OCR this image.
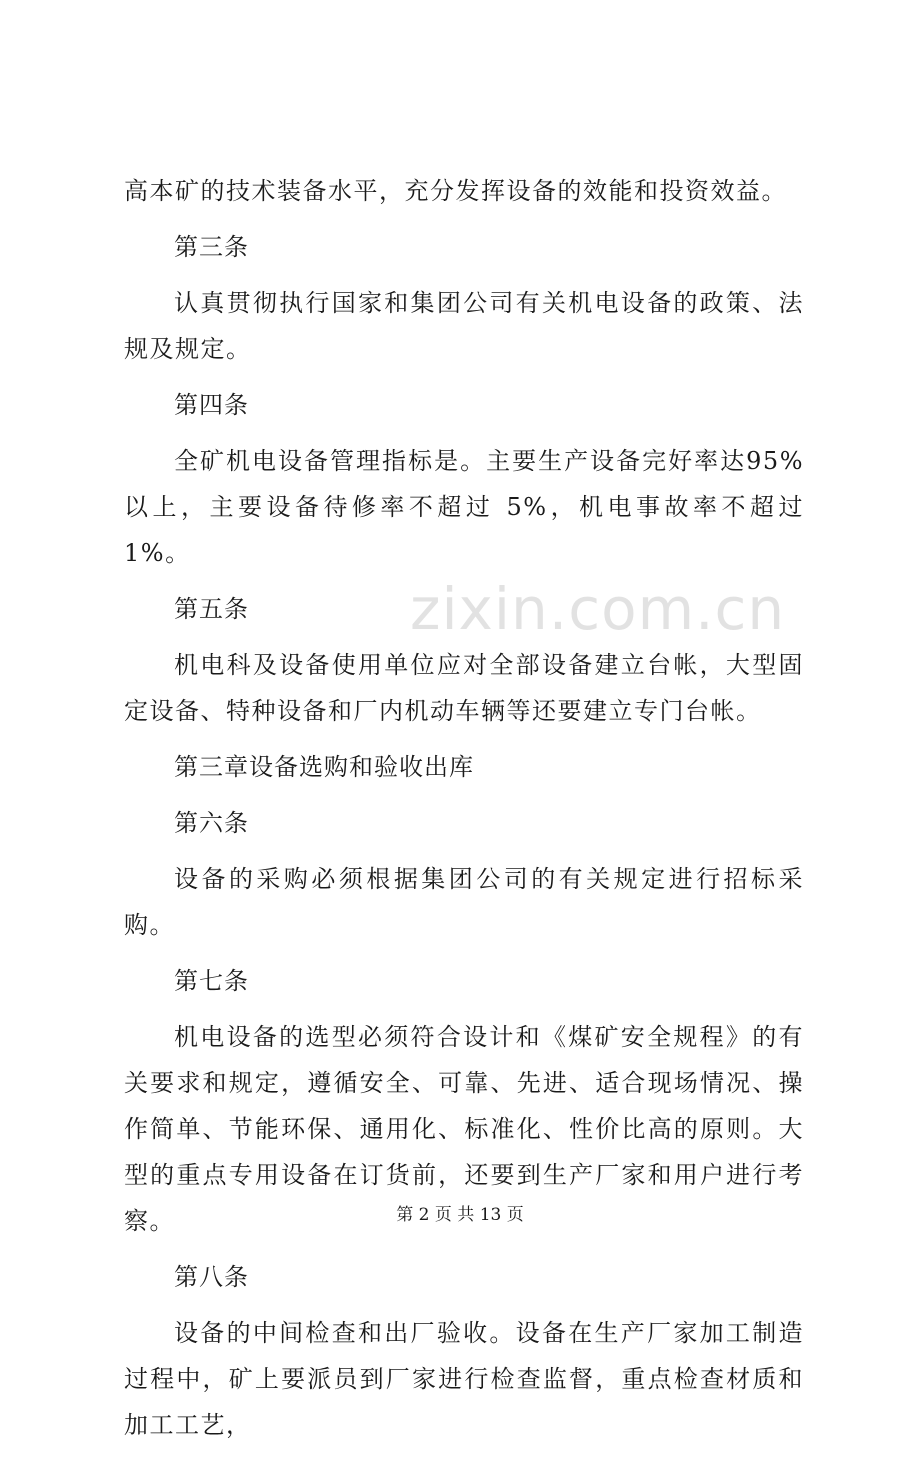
高本矿的技术装备水平，充分发挥设备的效能和投资效益。

第三条

认真贯彻执行国家和集团公司有关机电设备的政策、法规及规定。

第四条

全矿机电设备管理指标是。主要生产设备完好率达95%以上，主要设备待修率不超过 5%，机电事故率不超过 1%。

第五条

机电科及设备使用单位应对全部设备建立台帐，大型固定设备、特种设备和厂内机动车辆等还要建立专门台帐。

第三章设备选购和验收出库

第六条

设备的采购必须根据集团公司的有关规定进行招标采购。

第七条

机电设备的选型必须符合设计和《煤矿安全规程》的有关要求和规定，遵循安全、可靠、先进、适合现场情况、操作简单、节能环保、通用化、标准化、性价比高的原则。大型的重点专用设备在订货前，还要到生产厂家和用户进行考察。

第八条

设备的中间检查和出厂验收。设备在生产厂家加工制造过程中，矿上要派员到厂家进行检查监督，重点检查材质和加工工艺，

zixin.com.cn
第 2 页 共 13 页
